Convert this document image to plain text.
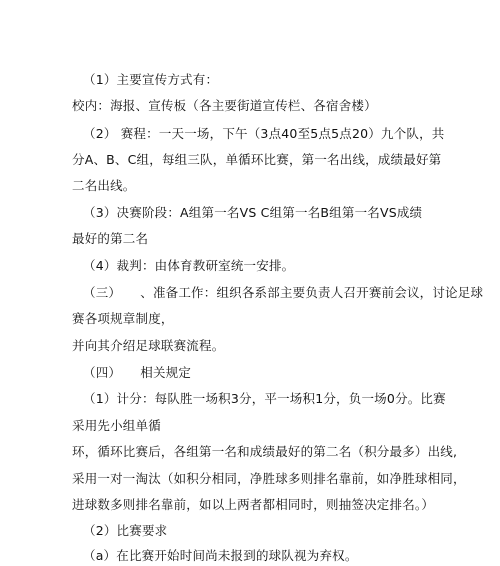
（1）主要宣传方式有：
校内：海报、宣传板（各主要街道宣传栏、各宿舍楼）
（2） 赛程：一天一场，下午（3点40至5点5点20）九个队，共
分A、B、C组，每组三队，单循环比赛，第一名出线，成绩最好第
二名出线。
（3）决赛阶段：A组第一名VS C组第一名B组第一名VS成绩
最好的第二名
（4）裁判：由体育教研室统一安排。
（三）　　、准备工作：组织各系部主要负责人召开赛前会议，讨论足球
赛各项规章制度，
并向其介绍足球联赛流程。
（四）　　相关规定
（1）计分：每队胜一场积3分，平一场积1分，负一场0分。比赛
采用先小组单循
环，循环比赛后，各组第一名和成绩最好的第二名（积分最多）出线,
采用一对一淘汰（如积分相同，净胜球多则排名靠前，如净胜球相同，
进球数多则排名靠前，如以上两者都相同时，则抽签决定排名。）
（2）比赛要求
（a）在比赛开始时间尚未报到的球队视为弃权。
